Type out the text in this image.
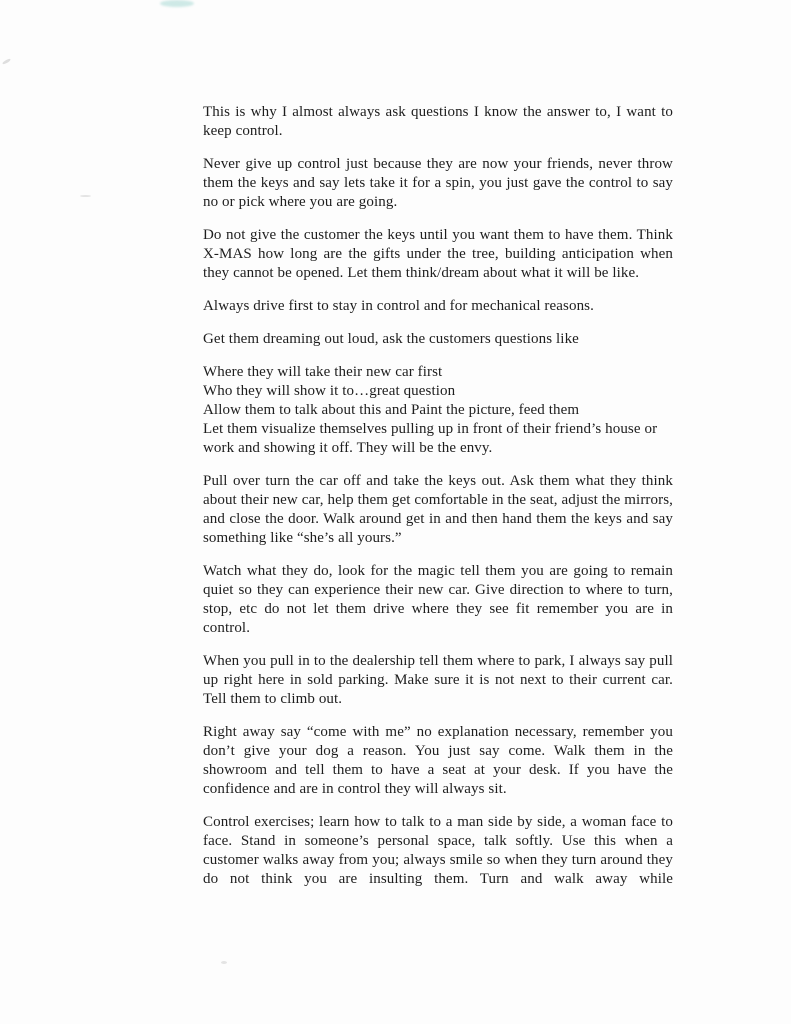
This is why I almost always ask questions I know the answer to, I want to keep control.

Never give up control just because they are now your friends, never throw them the keys and say lets take it for a spin, you just gave the control to say no or pick where you are going.

Do not give the customer the keys until you want them to have them. Think X-MAS how long are the gifts under the tree, building anticipation when they cannot be opened. Let them think/dream about what it will be like.

Always drive first to stay in control and for mechanical reasons.

Get them dreaming out loud, ask the customers questions like

Where they will take their new car first
Who they will show it to…great question
Allow them to talk about this and Paint the picture, feed them
Let them visualize themselves pulling up in front of their friend’s house or work and showing it off. They will be the envy.

Pull over turn the car off and take the keys out. Ask them what they think about their new car, help them get comfortable in the seat, adjust the mirrors, and close the door. Walk around get in and then hand them the keys and say something like “she’s all yours.”

Watch what they do, look for the magic tell them you are going to remain quiet so they can experience their new car. Give direction to where to turn, stop, etc do not let them drive where they see fit remember you are in control.

When you pull in to the dealership tell them where to park, I always say pull up right here in sold parking. Make sure it is not next to their current car. Tell them to climb out.

Right away say “come with me” no explanation necessary, remember you don’t give your dog a reason. You just say come. Walk them in the showroom and tell them to have a seat at your desk. If you have the confidence and are in control they will always sit.

Control exercises; learn how to talk to a man side by side, a woman face to face. Stand in someone’s personal space, talk softly. Use this when a customer walks away from you; always smile so when they turn around they do not think you are insulting them. Turn and walk away while
